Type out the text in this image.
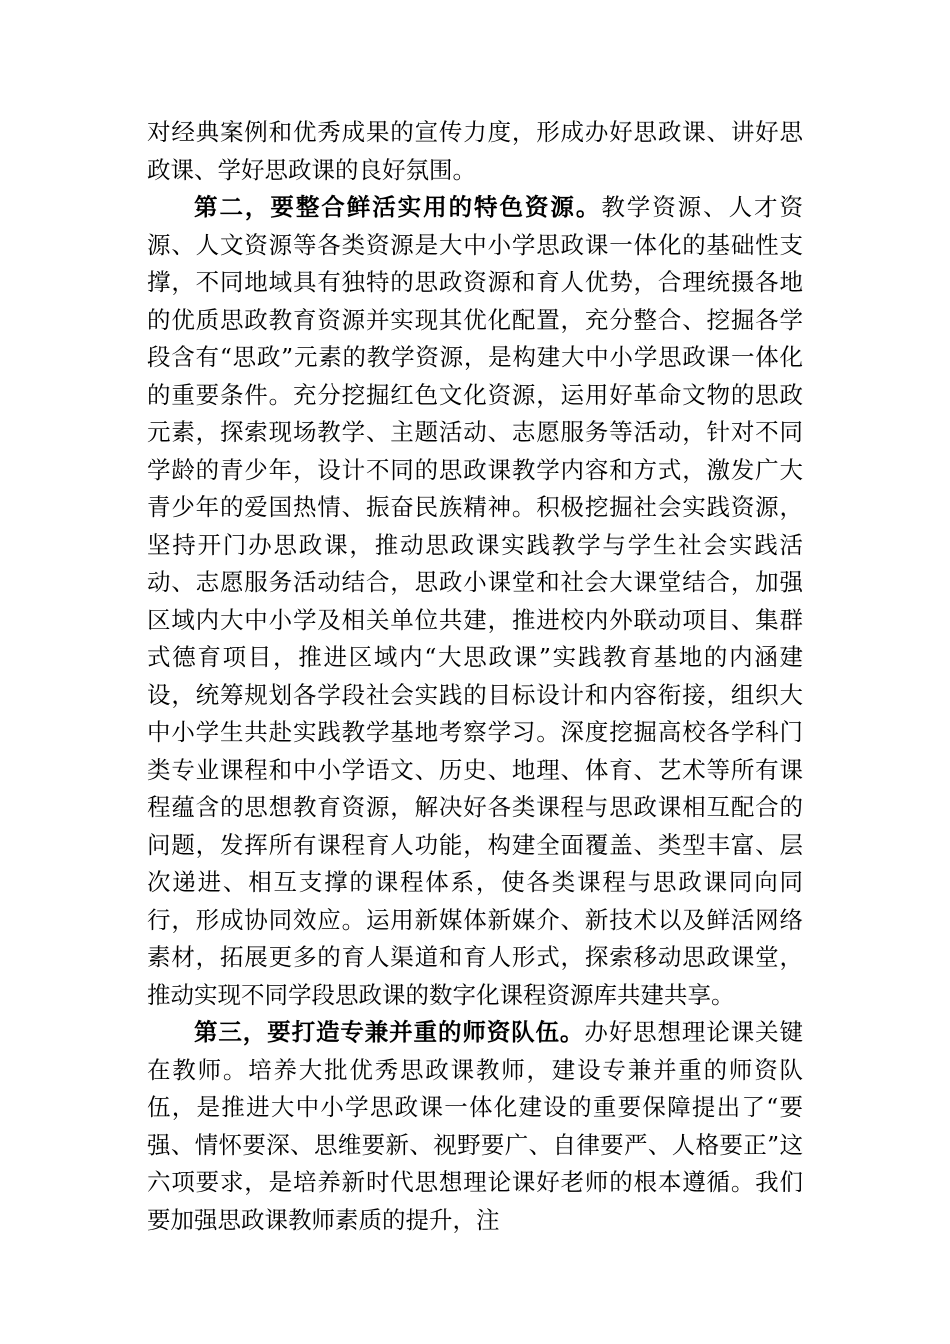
对经典案例和优秀成果的宣传力度，形成办好思政课、讲好思政课、学好思政课的良好氛围。

第二，要整合鲜活实用的特色资源。教学资源、人才资源、人文资源等各类资源是大中小学思政课一体化的基础性支撑，不同地域具有独特的思政资源和育人优势，合理统摄各地的优质思政教育资源并实现其优化配置，充分整合、挖掘各学段含有“思政”元素的教学资源，是构建大中小学思政课一体化的重要条件。充分挖掘红色文化资源，运用好革命文物的思政元素，探索现场教学、主题活动、志愿服务等活动，针对不同学龄的青少年，设计不同的思政课教学内容和方式，激发广大青少年的爱国热情、振奋民族精神。积极挖掘社会实践资源，坚持开门办思政课，推动思政课实践教学与学生社会实践活动、志愿服务活动结合，思政小课堂和社会大课堂结合，加强区域内大中小学及相关单位共建，推进校内外联动项目、集群式德育项目，推进区域内“大思政课”实践教育基地的内涵建设，统筹规划各学段社会实践的目标设计和内容衔接，组织大中小学生共赴实践教学基地考察学习。深度挖掘高校各学科门类专业课程和中小学语文、历史、地理、体育、艺术等所有课程蕴含的思想教育资源，解决好各类课程与思政课相互配合的问题，发挥所有课程育人功能，构建全面覆盖、类型丰富、层次递进、相互支撑的课程体系，使各类课程与思政课同向同行，形成协同效应。运用新媒体新媒介、新技术以及鲜活网络素材，拓展更多的育人渠道和育人形式，探索移动思政课堂，推动实现不同学段思政课的数字化课程资源库共建共享。

第三，要打造专兼并重的师资队伍。办好思想理论课关键在教师。培养大批优秀思政课教师，建设专兼并重的师资队伍，是推进大中小学思政课一体化建设的重要保障提出了“要强、情怀要深、思维要新、视野要广、自律要严、人格要正”这六项要求，是培养新时代思想理论课好老师的根本遵循。我们要加强思政课教师素质的提升，注
